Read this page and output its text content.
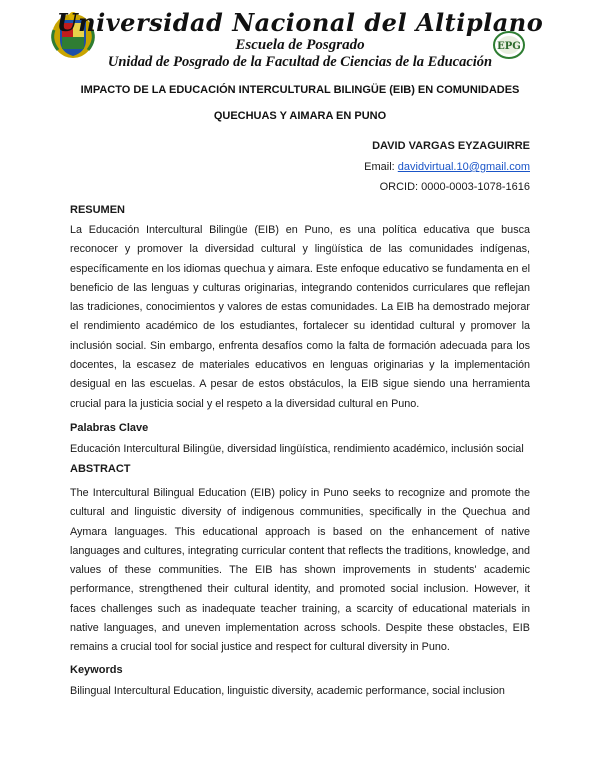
EPG
Universidad Nacional del Altiplano
Escuela de Posgrado
Unidad de Posgrado de la Facultad de Ciencias de la Educación
IMPACTO DE LA EDUCACIÓN INTERCULTURAL BILINGÜE (EIB) EN COMUNIDADES
QUECHUAS Y AIMARA EN PUNO
DAVID VARGAS EYZAGUIRRE
Email: davidvirtual.10@gmail.com
ORCID: 0000-0003-1078-1616
RESUMEN

La Educación Intercultural Bilingüe (EIB) en Puno, es una política educativa que busca reconocer y promover la diversidad cultural y lingüística de las comunidades indígenas, específicamente en los idiomas quechua y aimara. Este enfoque educativo se fundamenta en el beneficio de las lenguas y culturas originarias, integrando contenidos curriculares que reflejan las tradiciones, conocimientos y valores de estas comunidades. La EIB ha demostrado mejorar el rendimiento académico de los estudiantes, fortalecer su identidad cultural y promover la inclusión social. Sin embargo, enfrenta desafíos como la falta de formación adecuada para los docentes, la escasez de materiales educativos en lenguas originarias y la implementación desigual en las escuelas. A pesar de estos obstáculos, la EIB sigue siendo una herramienta crucial para la justicia social y el respeto a la diversidad cultural en Puno.

Palabras Clave
Educación Intercultural Bilingüe, diversidad lingüística, rendimiento académico, inclusión social
ABSTRACT

The Intercultural Bilingual Education (EIB) policy in Puno seeks to recognize and promote the cultural and linguistic diversity of indigenous communities, specifically in the Quechua and Aymara languages. This educational approach is based on the enhancement of native languages and cultures, integrating curricular content that reflects the traditions, knowledge, and values of these communities. The EIB has shown improvements in students' academic performance, strengthened their cultural identity, and promoted social inclusion. However, it faces challenges such as inadequate teacher training, a scarcity of educational materials in native languages, and uneven implementation across schools. Despite these obstacles, EIB remains a crucial tool for social justice and respect for cultural diversity in Puno.

Keywords
Bilingual Intercultural Education, linguistic diversity, academic performance, social inclusion
